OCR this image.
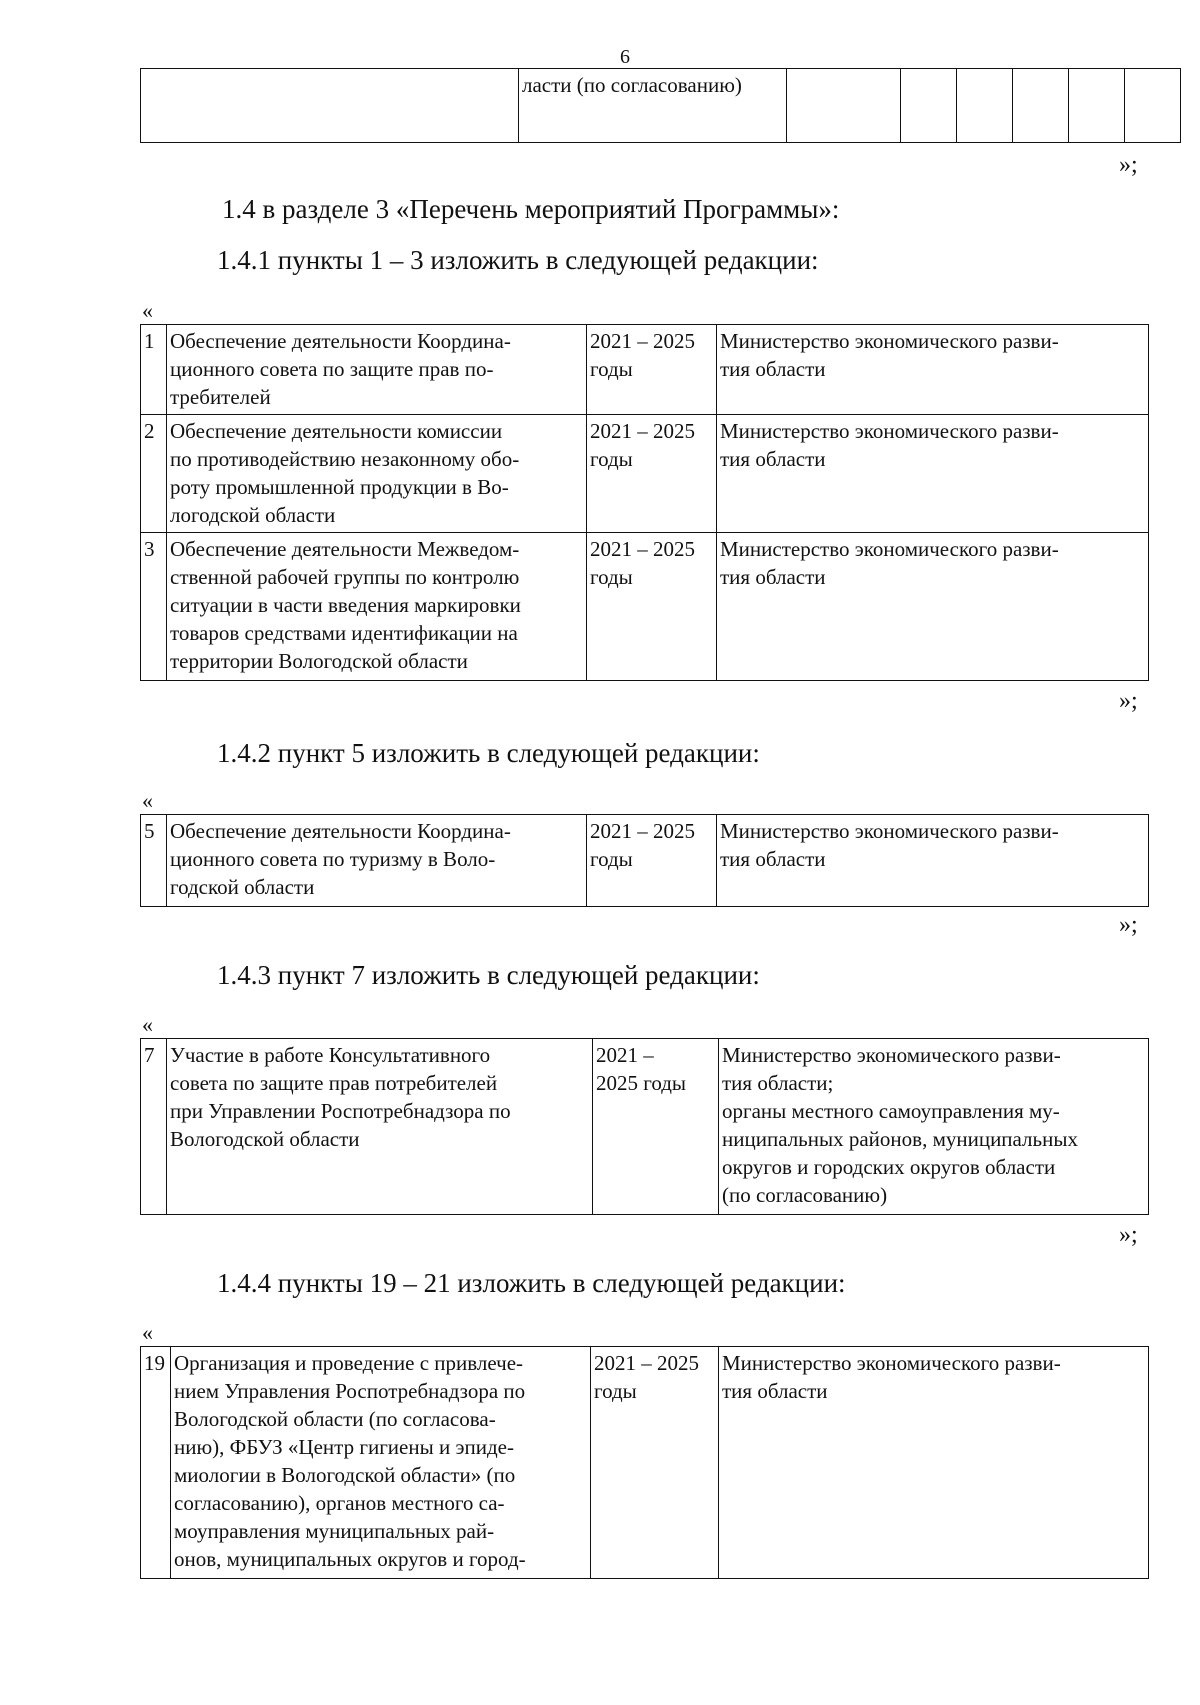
6
	ласти (по согласованию)						
»;
1.4 в разделе 3 «Перечень мероприятий Программы»:
1.4.1 пункты 1 – 3 изложить в следующей редакции:
«
1	Обеспечение деятельности Координа-
ционного совета по защите прав по-
требителей	2021 – 2025
годы	Министерство экономического разви-
тия области
2	Обеспечение деятельности комиссии
по противодействию незаконному обо-
роту промышленной продукции в Во-
логодской области	2021 – 2025
годы	Министерство экономического разви-
тия области
3	Обеспечение деятельности Межведом-
ственной рабочей группы по контролю
ситуации в части введения маркировки
товаров средствами идентификации на
территории Вологодской области	2021 – 2025
годы	Министерство экономического разви-
тия области
»;
1.4.2 пункт 5 изложить в следующей редакции:
«
5	Обеспечение деятельности Координа-
ционного совета по туризму в Воло-
годской области	2021 – 2025
годы	Министерство экономического разви-
тия области
»;
1.4.3 пункт 7 изложить в следующей редакции:
«
7	Участие в работе Консультативного
совета по защите прав потребителей
при Управлении Роспотребнадзора по
Вологодской области	2021 –
2025 годы	Министерство экономического разви-
тия области;
органы местного самоуправления му-
ниципальных районов, муниципальных
округов и городских округов области
(по согласованию)
»;
1.4.4 пункты 19 – 21 изложить в следующей редакции:
«
19	Организация и проведение с привлече-
нием Управления Роспотребнадзора по
Вологодской области (по согласова-
нию), ФБУЗ «Центр гигиены и эпиде-
миологии в Вологодской области» (по
согласованию), органов местного са-
моуправления муниципальных рай-
онов, муниципальных округов и город-	2021 – 2025
годы	Министерство экономического разви-
тия области
